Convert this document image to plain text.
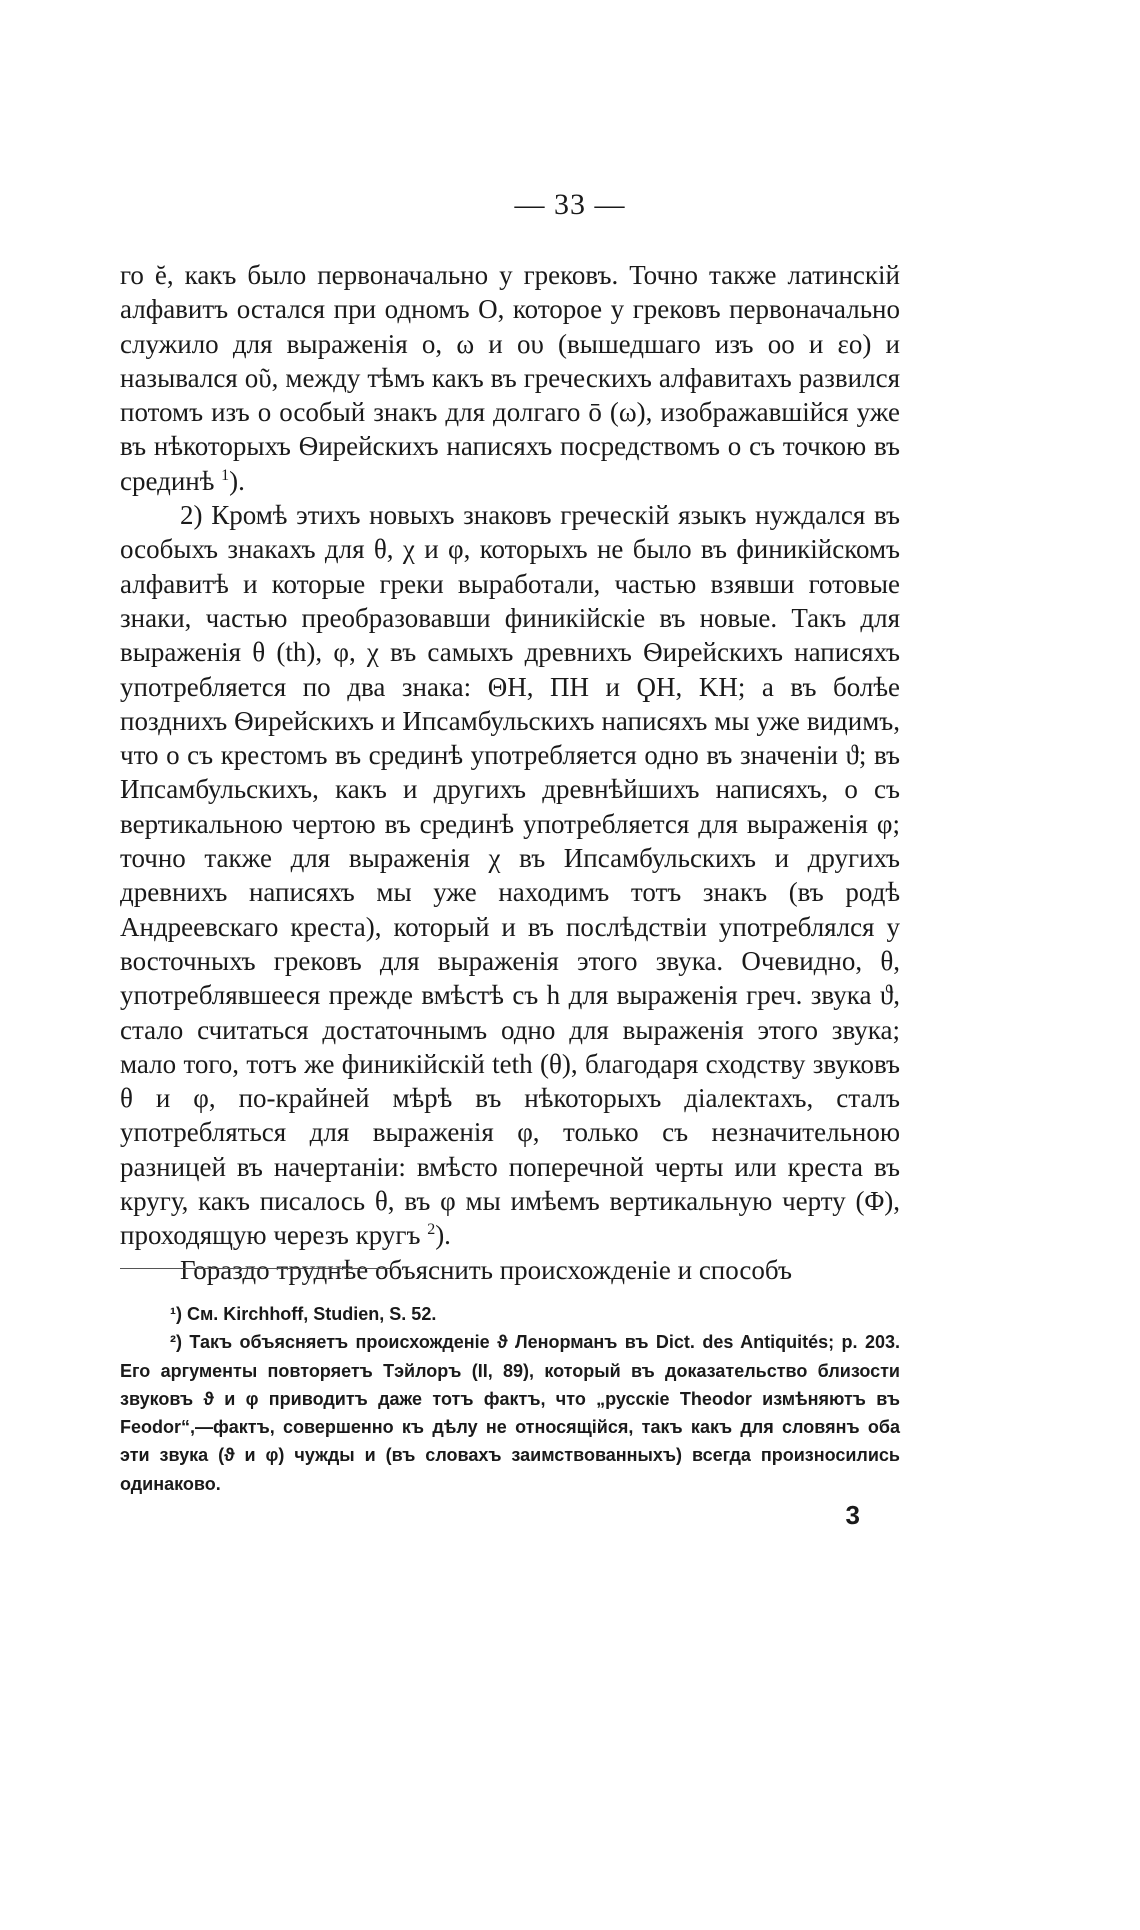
— 33 —

го ĕ, какъ было первоначально у грековъ. Точно также латинскій алфавитъ остался при одномъ О, которое у грековъ первоначально служило для выраженія о, ω и ου (вышедшаго изъ οο и εο) и назывался οῦ, между тѣмъ какъ въ греческихъ алфавитахъ развился потомъ изъ о особый знакъ для долгаго ō (ω), изображавшійся уже въ нѣкоторыхъ Ѳирейскихъ написяхъ посредствомъ о съ точкою въ срединѣ $^1$).

2) Кромѣ этихъ новыхъ знаковъ греческій языкъ нуждался въ особыхъ знакахъ для θ, χ и φ, которыхъ не было въ финикійскомъ алфавитѣ и которые греки выработали, частью взявши готовые знаки, частью преобразовавши финикійскіе въ новые. Такъ для выраженія θ (th), φ, χ въ самыхъ древнихъ Ѳирейскихъ написяхъ употребляется по два знака: ΘΗ, ΠΗ и ϘΗ, ΚΗ; а въ болѣе позднихъ Ѳирейскихъ и Ипсамбульскихъ написяхъ мы уже видимъ, что о съ крестомъ въ срединѣ употребляется одно въ значеніи ϑ; въ Ипсамбульскихъ, какъ и другихъ древнѣйшихъ написяхъ, о съ вертикальною чертою въ срединѣ употребляется для выраженія φ; точно также для выраженія χ въ Ипсамбульскихъ и другихъ древнихъ написяхъ мы уже находимъ тотъ знакъ (въ родѣ Андреевскаго креста), который и въ послѣдствіи употреблялся у восточныхъ грековъ для выраженія этого звука. Очевидно, θ, употреблявшееся прежде вмѣстѣ съ h для выраженія греч. звука ϑ, стало считаться достаточнымъ одно для выраженія этого звука; мало того, тотъ же финикійскій teth (θ), благодаря сходству звуковъ θ и φ, по-крайней мѣрѣ въ нѣкоторыхъ діалектахъ, сталъ употребляться для выраженія φ, только съ незначительною разницей въ начертаніи: вмѣсто поперечной черты или креста въ кругу, какъ писалось θ, въ φ мы имѣемъ вертикальную черту (Φ), проходящую черезъ кругъ $^2$).

Гораздо труднѣе объяснить происхожденіе и способъ

¹) См. Kirchhoff, Studien, S. 52.

²) Такъ объясняетъ происхожденіе ϑ Ленорманъ въ Dict. des Antiquités; p. 203. Его аргументы повторяетъ Тэйлоръ (II, 89), который въ доказательство близости звуковъ ϑ и φ приводитъ даже тотъ фактъ, что „русскіе Theodor измѣняютъ въ Feodor“,—фактъ, совершенно къ дѣлу не относящійся, такъ какъ для словянъ оба эти звука (ϑ и φ) чужды и (въ словахъ заимствованныхъ) всегда произносились одинаково.

3
